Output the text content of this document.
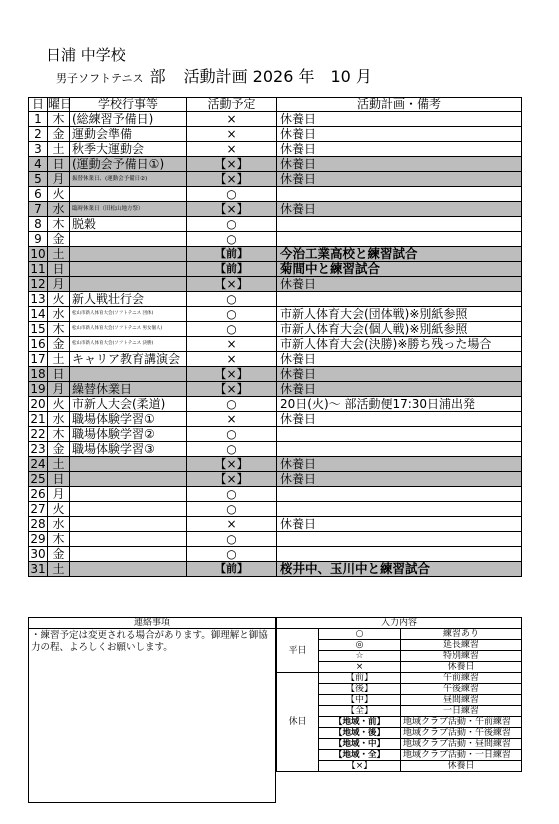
日浦 中学校
男子ソフトテニス 部 活動計画 2026 年　10 月
日	曜日	学校行事等	活動予定	活動計画・備考
1	木	(総練習予備日)	×	休養日
2	金	運動会準備	×	休養日
3	土	秋季大運動会	×	休養日
4	日	(運動会予備日①)	【×】	休養日
5	月	振替休業日、(運動会予備日②)	【×】	休養日
6	火		○	
7	水	臨時休業日（旧松山地方祭）	【×】	休養日
8	木	脱穀	○	
9	金		○	
10	土		【前】	今治工業高校と練習試合
11	日		【前】	菊間中と練習試合
12	月		【×】	休養日
13	火	新人戦壮行会	○	
14	水	松山市新人体育大会(ソフトテニス 団体)	○	市新人体育大会(団体戦)※別紙参照
15	木	松山市新人体育大会(ソフトテニス 男女個人)	○	市新人体育大会(個人戦)※別紙参照
16	金	松山市新人体育大会(ソフトテニス 決勝)	×	市新人体育大会(決勝)※勝ち残った場合
17	土	キャリア教育講演会	×	休養日
18	日		【×】	休養日
19	月	繰替休業日	【×】	休養日
20	火	市新人大会(柔道)	○	20日(火)～ 部活動便17:30日浦出発
21	水	職場体験学習①	×	休養日
22	木	職場体験学習②	○	
23	金	職場体験学習③	○	
24	土		【×】	休養日
25	日		【×】	休養日
26	月		○	
27	火		○	
28	水		×	休養日
29	木		○	
30	金		○	
31	土		【前】	桜井中、玉川中と練習試合
連絡事項
・練習予定は変更される場合があります。御理解と御協力の程、よろしくお願いします。
入力内容		
平日	○	練習あり
	◎	延長練習
	☆	特別練習
	×	休養日
休日	【前】	午前練習
	【後】	午後練習
	【中】	昼間練習
	【全】	一日練習
	【地域・前】	地域クラブ活動・午前練習
	【地域・後】	地域クラブ活動・午後練習
	【地域・中】	地域クラブ活動・昼間練習
	【地域・全】	地域クラブ活動・一日練習
	【×】	休養日
